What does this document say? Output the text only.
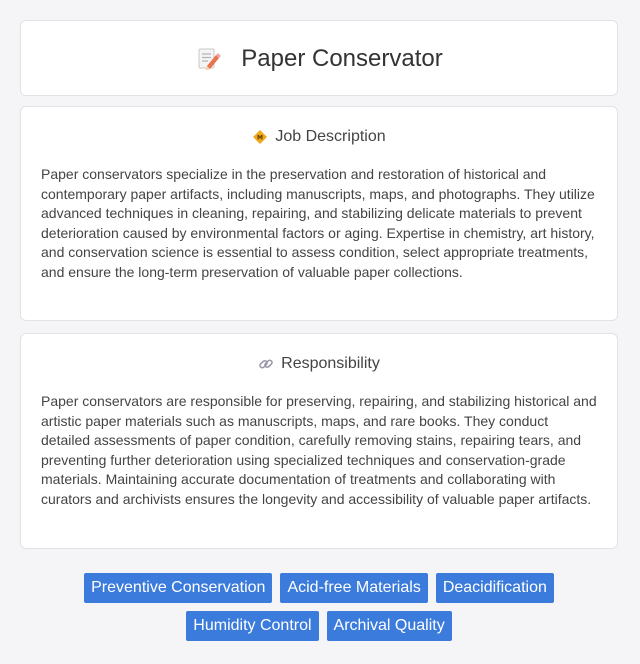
Paper Conservator
M Job Description
Paper conservators specialize in the preservation and restoration of historical and contemporary paper artifacts, including manuscripts, maps, and photographs. They utilize advanced techniques in cleaning, repairing, and stabilizing delicate materials to prevent deterioration caused by environmental factors or aging. Expertise in chemistry, art history, and conservation science is essential to assess condition, select appropriate treatments, and ensure the long-term preservation of valuable paper collections.
Responsibility
Paper conservators are responsible for preserving, repairing, and stabilizing historical and artistic paper materials such as manuscripts, maps, and rare books. They conduct detailed assessments of paper condition, carefully removing stains, repairing tears, and preventing further deterioration using specialized techniques and conservation-grade materials. Maintaining accurate documentation of treatments and collaborating with curators and archivists ensures the longevity and accessibility of valuable paper artifacts.
Preventive Conservation	Acid-free Materials	Deacidification
Humidity Control	Archival Quality
